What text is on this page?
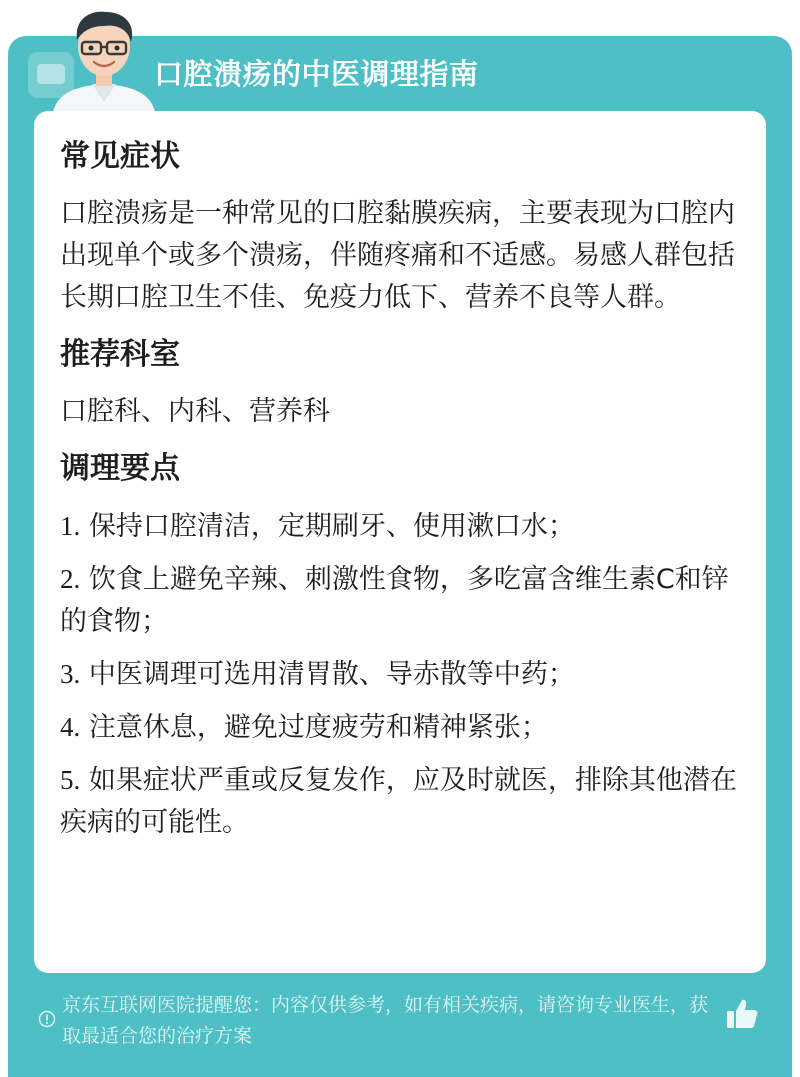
口腔溃疡的中医调理指南
常见症状

口腔溃疡是一种常见的口腔黏膜疾病，主要表现为口腔内出现单个或多个溃疡，伴随疼痛和不适感。易感人群包括长期口腔卫生不佳、免疫力低下、营养不良等人群。

推荐科室

口腔科、内科、营养科

调理要点

1. 保持口腔清洁，定期刷牙、使用漱口水；

2. 饮食上避免辛辣、刺激性食物，多吃富含维生素C和锌的食物；

3. 中医调理可选用清胃散、导赤散等中药；

4. 注意休息，避免过度疲劳和精神紧张；

5. 如果症状严重或反复发作，应及时就医，排除其他潜在疾病的可能性。

京东互联网医院提醒您：内容仅供参考，如有相关疾病，请咨询专业医生，获取最适合您的治疗方案
